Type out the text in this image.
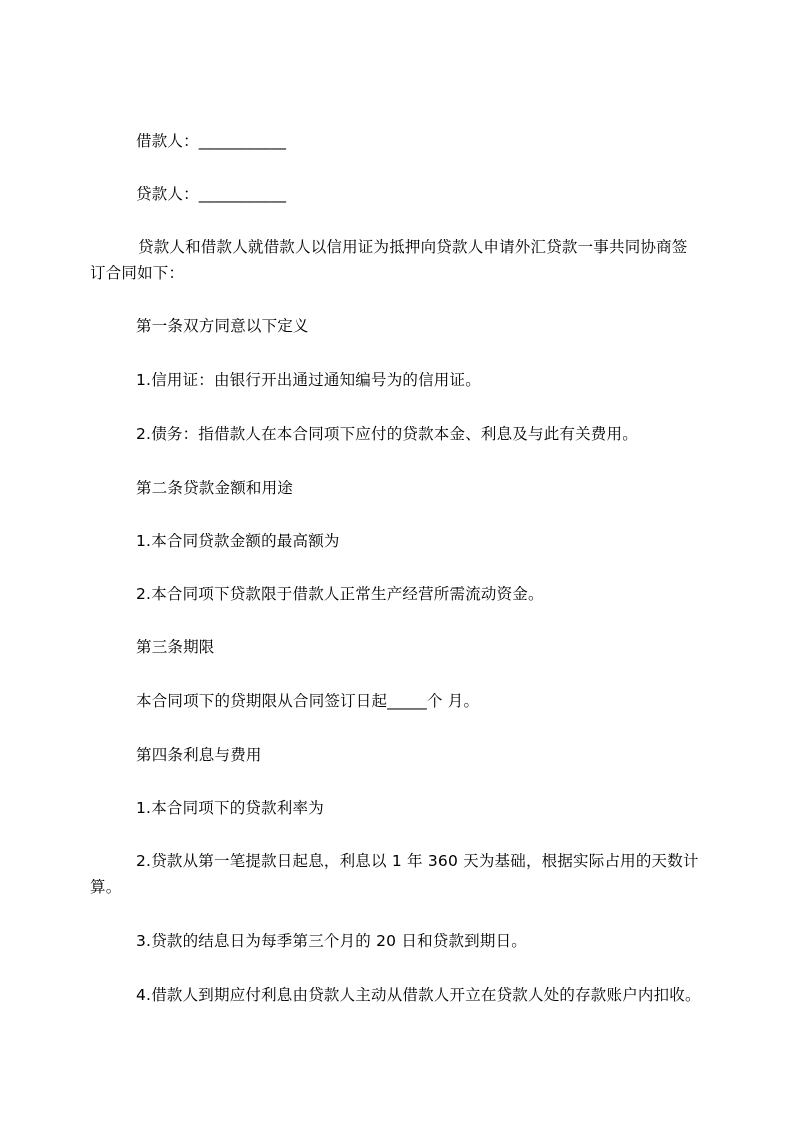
借款人：___________
贷款人：___________
贷款人和借款人就借款人以信用证为抵押向贷款人申请外汇贷款一事共同协商签
订合同如下：
第一条双方同意以下定义
1.信用证：由银行开出通过通知编号为的信用证。
2.债务：指借款人在本合同项下应付的贷款本金、利息及与此有关费用。
第二条贷款金额和用途
1.本合同贷款金额的最高额为
2.本合同项下贷款限于借款人正常生产经营所需流动资金。
第三条期限
本合同项下的贷期限从合同签订日起_____个 月。
第四条利息与费用
1.本合同项下的贷款利率为
2.贷款从第一笔提款日起息，利息以 1 年 360 天为基础，根据实际占用的天数计
算。
3.贷款的结息日为每季第三个月的 20 日和贷款到期日。
4.借款人到期应付利息由贷款人主动从借款人开立在贷款人处的存款账户内扣收。
